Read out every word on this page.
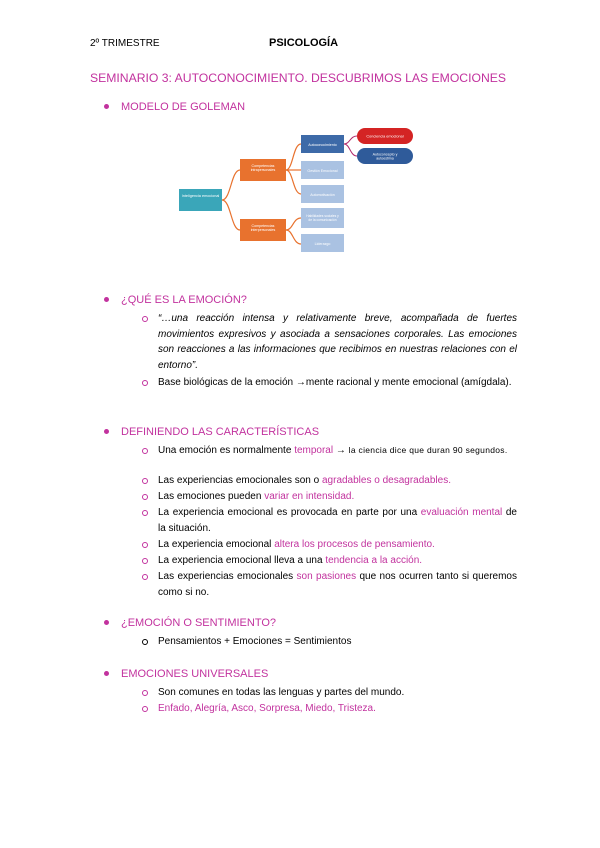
2º TRIMESTRE	PSICOLOGÍA
SEMINARIO 3: AUTOCONOCIMIENTO. DESCUBRIMOS LAS EMOCIONES
MODELO DE GOLEMAN
Inteligencia emocional
Competencias intrapersonales
Competencias interpersonales
Autoconocimiento
Gestión Emocional
Automotivación
Habilidades sociales y de la comunicación
Liderazgo
Conciencia emocional
Autoconcepto y autoestima
¿QUÉ ES LA EMOCIÓN?
“…una reacción intensa y relativamente breve, acompañada de fuertes movimientos expresivos y asociada a sensaciones corporales. Las emociones son reacciones a las informaciones que recibimos en nuestras relaciones con el entorno”.
Base biológicas de la emoción →mente racional y mente emocional (amígdala).
DEFINIENDO LAS CARACTERÍSTICAS
Una emoción es normalmente temporal → la ciencia dice que duran 90 segundos.
Las experiencias emocionales son o agradables o desagradables.
Las emociones pueden variar en intensidad.
La experiencia emocional es provocada en parte por una evaluación mental de la situación.
La experiencia emocional altera los procesos de pensamiento.
La experiencia emocional lleva a una tendencia a la acción.
Las experiencias emocionales son pasiones que nos ocurren tanto si queremos como si no.
¿EMOCIÓN O SENTIMIENTO?
Pensamientos + Emociones = Sentimientos
EMOCIONES UNIVERSALES
Son comunes en todas las lenguas y partes del mundo.
Enfado, Alegría, Asco, Sorpresa, Miedo, Tristeza.
